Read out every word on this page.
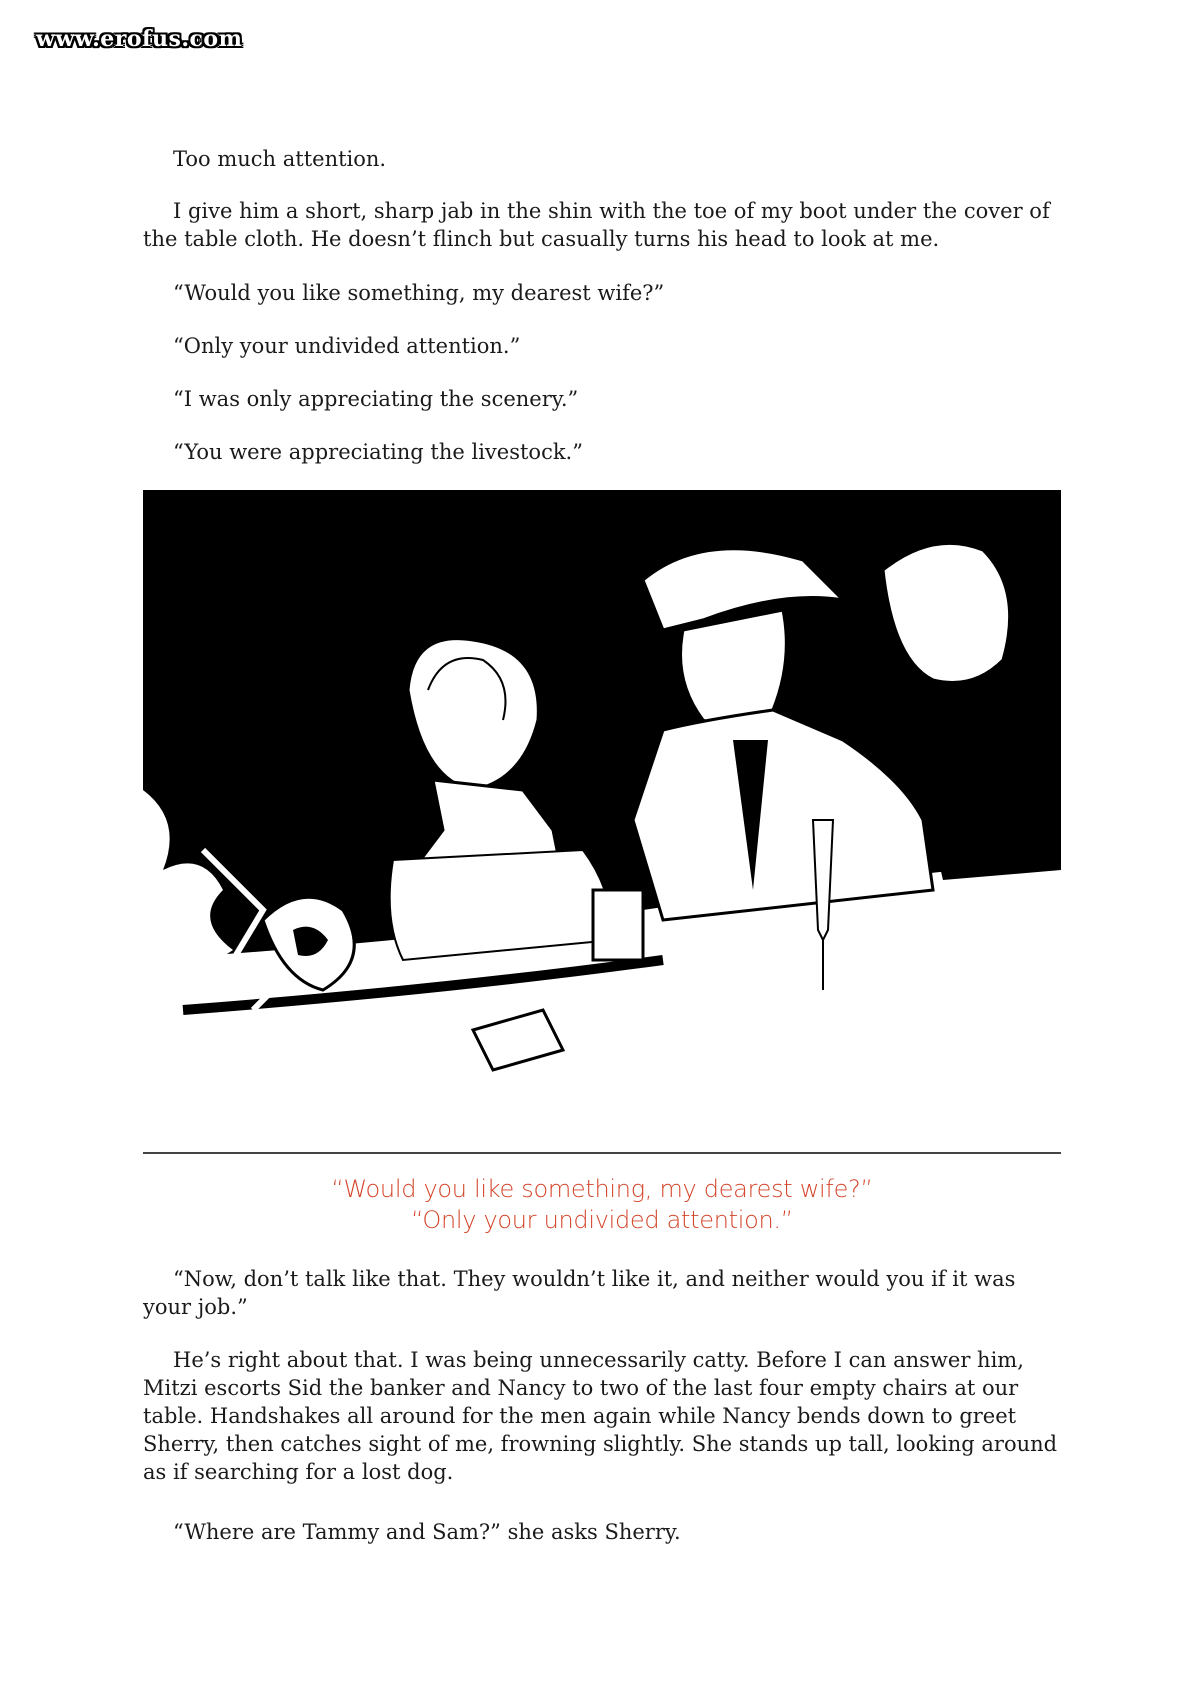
www.erofus.com

Too much attention.

I give him a short, sharp jab in the shin with the toe of my boot under the cover of the table cloth. He doesn’t flinch but casually turns his head to look at me.

“Would you like something, my dearest wife?”

“Only your undivided attention.”

“I was only appreciating the scenery.”

“You were appreciating the livestock.”

“Would you like something, my dearest wife?”
“Only your undivided attention.”

“Now, don’t talk like that. They wouldn’t like it, and neither would you if it was your job.”

He’s right about that. I was being unnecessarily catty. Before I can answer him, Mitzi escorts Sid the banker and Nancy to two of the last four empty chairs at our table. Handshakes all around for the men again while Nancy bends down to greet Sherry, then catches sight of me, frowning slightly. She stands up tall, looking around as if searching for a lost dog.

“Where are Tammy and Sam?” she asks Sherry.
